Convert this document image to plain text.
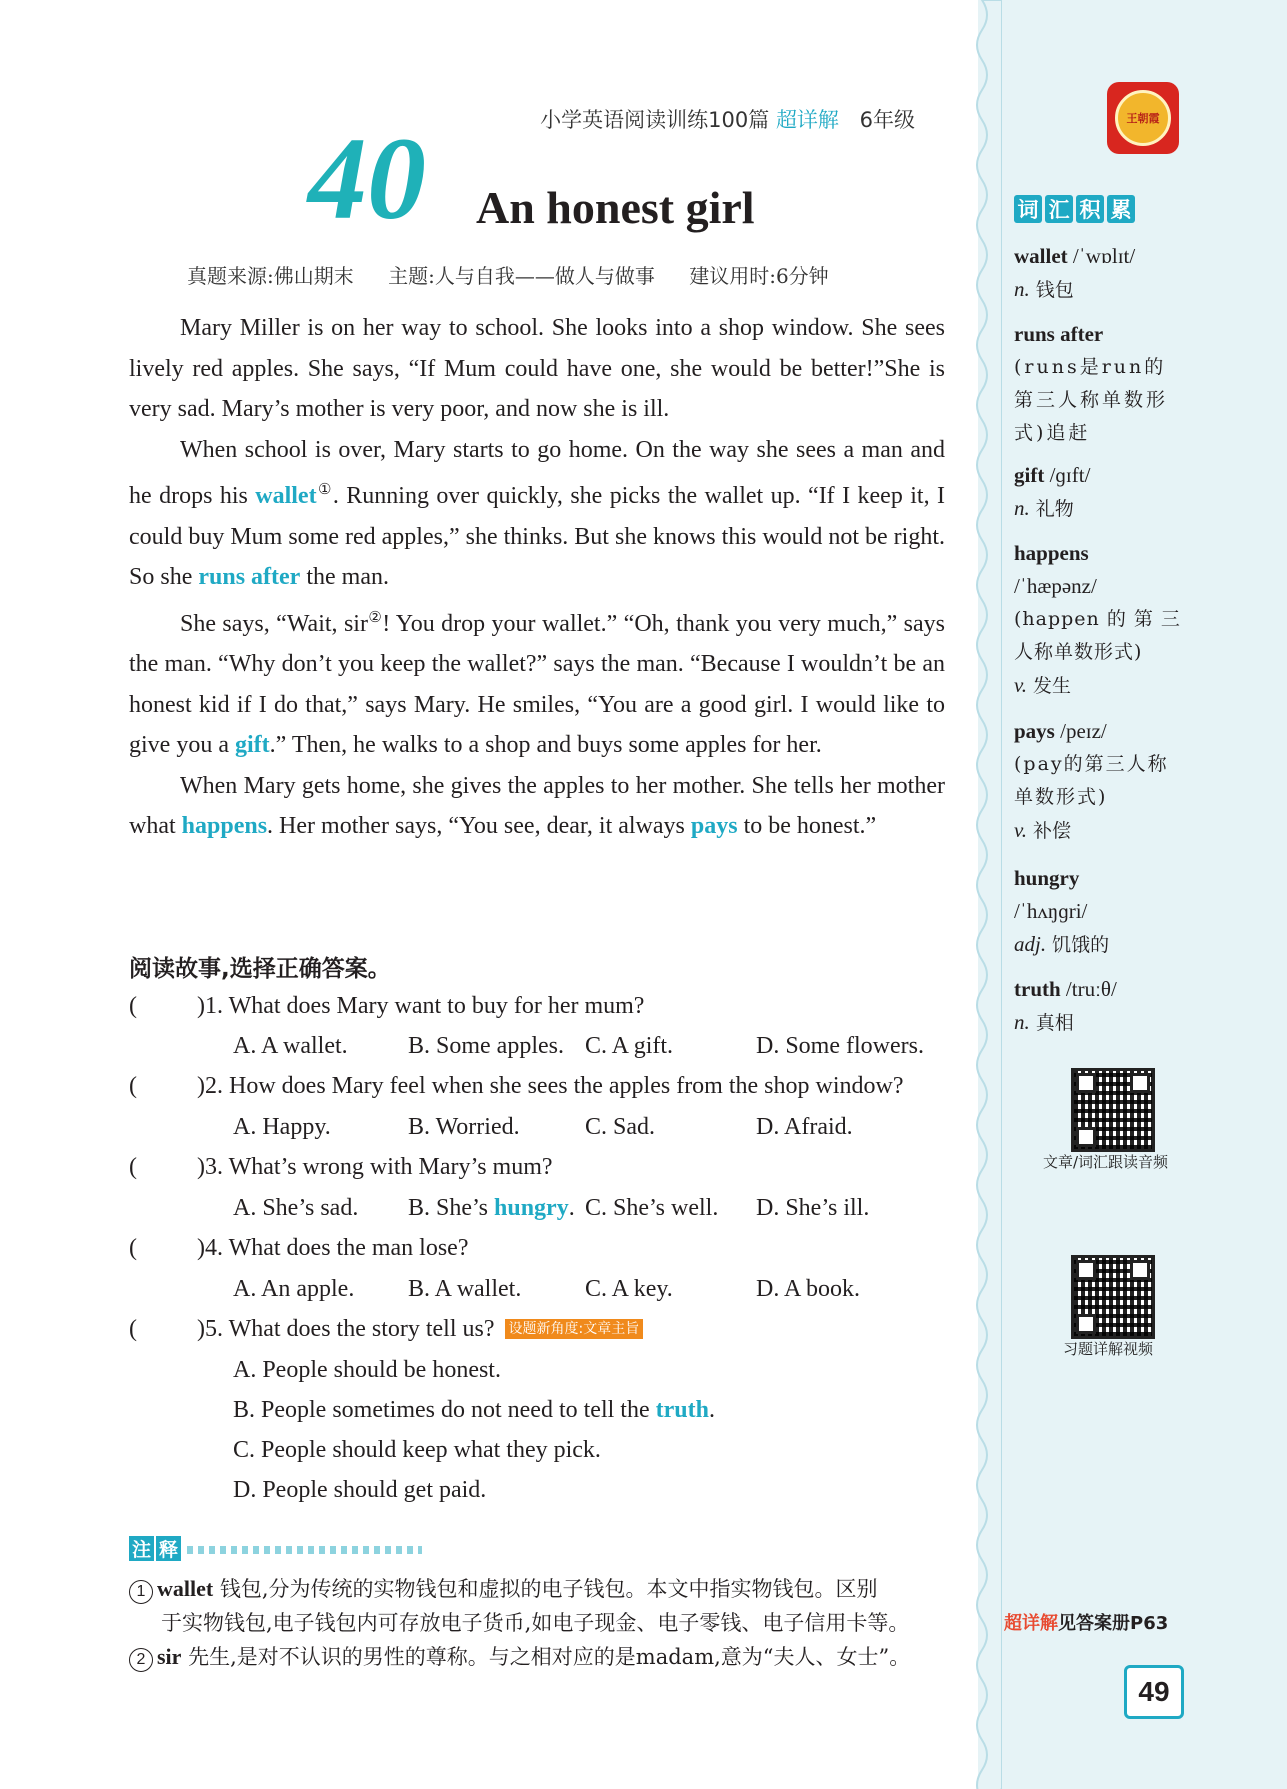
小学英语阅读训练100篇 超详解 6年级	王朝霞
40 An honest girl
真题来源:佛山期末 主题:人与自我——做人与做事 建议用时:6分钟

Mary Miller is on her way to school. She looks into a shop window. She sees lively red apples. She says, “If Mum could have one, she would be better!”She is very sad. Mary’s mother is very poor, and now she is ill.

When school is over, Mary starts to go home. On the way she sees a man and he drops his wallet①. Running over quickly, she picks the wallet up. “If I keep it, I could buy Mum some red apples,” she thinks. But she knows this would not be right. So she runs after the man.

She says, “Wait, sir②! You drop your wallet.” “Oh, thank you very much,” says the man. “Why don’t you keep the wallet?” says the man. “Because I wouldn’t be an honest kid if I do that,” says Mary. He smiles, “You are a good girl. I would like to give you a gift.” Then, he walks to a shop and buys some apples for her.

When Mary gets home, she gives the apples to her mother. She tells her mother what happens. Her mother says, “You see, dear, it always pays to be honest.”

阅读故事,选择正确答案。
(	) 1. What does Mary want to buy for her mum?
A. A wallet.	B. Some apples. C. A gift.	D. Some flowers.
(	) 2. How does Mary feel when she sees the apples from the shop window?
A. Happy.	B. Worried.	C. Sad.	D. Afraid.
(	) 3. What’s wrong with Mary’s mum?
A. She’s sad. B. She’s hungry. C. She’s well. D. She’s ill.
(	) 4. What does the man lose?
A. An apple. B. A wallet.	C. A key.	D. A book.
(	) 5. What does the story tell us? 设题新角度:文章主旨
A. People should be honest.
B. People sometimes do not need to tell the truth.
C. People should keep what they pick.
D. People should get paid.
注 释
1 wallet 钱包,分为传统的实物钱包和虚拟的电子钱包。本文中指实物钱包。区别
于实物钱包,电子钱包内可存放电子货币,如电子现金、电子零钱、电子信用卡等。
2 sir 先生,是对不认识的男性的尊称。与之相对应的是madam,意为“夫人、女士”。
词 汇 积 累
wallet /ˈwɒlɪt/
n. 钱包
runs after
(runs是run的第三人称单数形式)追赶
gift /ɡɪft/
n. 礼物
happens
/ˈhæpənz/
(happen 的 第 三人称单数形式)
v. 发生
pays /peɪz/
(pay的第三人称单数形式)
v. 补偿
hungry
/ˈhʌŋɡri/
adj. 饥饿的
truth /truːθ/
n. 真相
文章/词汇跟读音频
习题详解视频
超详解见答案册P63
49
